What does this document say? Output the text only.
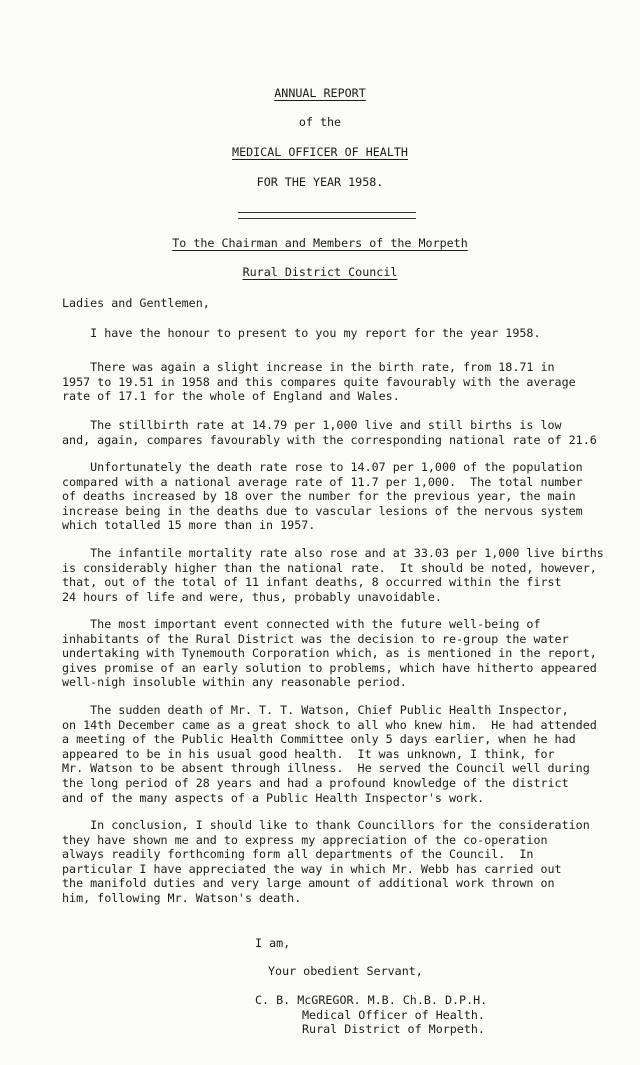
ANNUAL REPORT
of the
MEDICAL OFFICER OF HEALTH
FOR THE YEAR 1958.
To the Chairman and Members of the Morpeth
Rural District Council
Ladies and Gentlemen,
I have the honour to present to you my report for the year 1958.
There was again a slight increase in the birth rate, from 18.71 in
1957 to 19.51 in 1958 and this compares quite favourably with the average
rate of 17.1 for the whole of England and Wales.
The stillbirth rate at 14.79 per 1,000 live and still births is low
and, again, compares favourably with the corresponding national rate of 21.6
Unfortunately the death rate rose to 14.07 per 1,000 of the population
compared with a national average rate of 11.7 per 1,000.  The total number
of deaths increased by 18 over the number for the previous year, the main
increase being in the deaths due to vascular lesions of the nervous system
which totalled 15 more than in 1957.
The infantile mortality rate also rose and at 33.03 per 1,000 live births
is considerably higher than the national rate.  It should be noted, however,
that, out of the total of 11 infant deaths, 8 occurred within the first
24 hours of life and were, thus, probably unavoidable.
The most important event connected with the future well-being of
inhabitants of the Rural District was the decision to re-group the water
undertaking with Tynemouth Corporation which, as is mentioned in the report,
gives promise of an early solution to problems, which have hitherto appeared
well-nigh insoluble within any reasonable period.
The sudden death of Mr. T. T. Watson, Chief Public Health Inspector,
on 14th December came as a great shock to all who knew him.  He had attended
a meeting of the Public Health Committee only 5 days earlier, when he had
appeared to be in his usual good health.  It was unknown, I think, for
Mr. Watson to be absent through illness.  He served the Council well during
the long period of 28 years and had a profound knowledge of the district
and of the many aspects of a Public Health Inspector's work.
In conclusion, I should like to thank Councillors for the consideration
they have shown me and to express my appreciation of the co-operation
always readily forthcoming form all departments of the Council.  In
particular I have appreciated the way in which Mr. Webb has carried out
the manifold duties and very large amount of additional work thrown on
him, following Mr. Watson's death.
I am,
Your obedient Servant,
C. B. McGREGOR. M.B. Ch.B. D.P.H.
Medical Officer of Health.
Rural District of Morpeth.
